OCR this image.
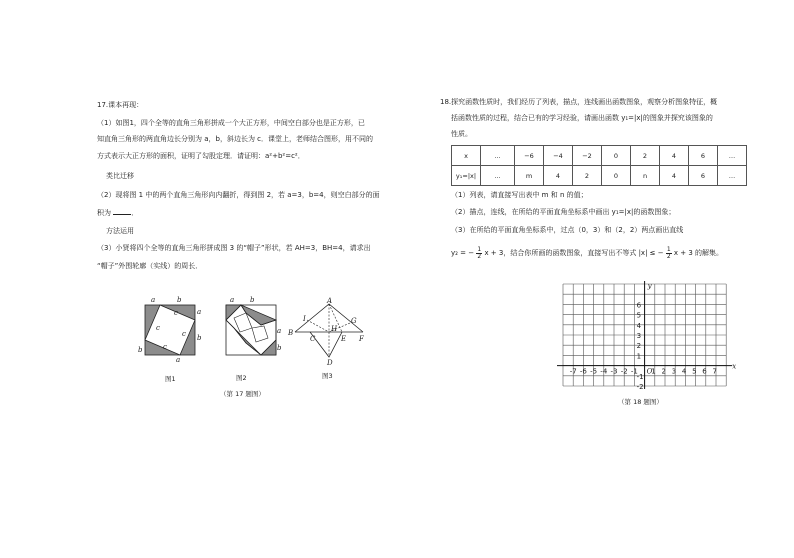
17.课本再现：
（1）如图1，四个全等的直角三角形拼成一个大正方形，中间空白部分也是正方形，已
知直角三角形的两直角边长分别为 a，b，斜边长为 c．课堂上，老师结合图形，用不同的
方式表示大正方形的面积，证明了勾股定理．请证明：a²+b²=c²．
类比迁移
（2）现将图 1 中的两个直角三角形向内翻折，得到图 2，若 a=3，b=4，则空白部分的面
积为	．
方法运用
（3）小贤将四个全等的直角三角形拼成图 3 的“帽子”形状，若 AH=3，BH=4，请求出
“帽子”外围轮廓（实线）的周长．
a	b
a
b
c
c
c
c
b
a
图1
a b
a
b
图2
A
B
C
D
E F
G
H
I
图3
（第 17 题图）
18.探究函数性质时，我们经历了列表，描点，连线画出函数图象，观察分析图象特征，概
括函数性质的过程，结合已有的学习经验，请画出函数 y₁=|x|的图象并探究该图象的
性质。
x	…	−6	−4	−2	0	2	4	6	…
y₁=|x|	…	m	4	2	0	n	4	6	…
（1）列表，请直接写出表中 m 和 n 的值；
（2）描点，连线，在所给的平面直角坐标系中画出 y₁=|x|的函数图象；
（3）在所给的平面直角坐标系中，过点（0，3）和（2，2）两点画出直线
y₂ = − $\frac{1}{2}$ x + 3，结合你所画的函数图象，直接写出不等式 |x| ≤ − $\frac{1}{2}$ x + 3 的解集。
x
y
O
-7 -6 -5 -4 -3 -2 -1 1 2 3 4 5 6 7
6
5
4
3
2
1
-1
-2
（第 18 题图）
